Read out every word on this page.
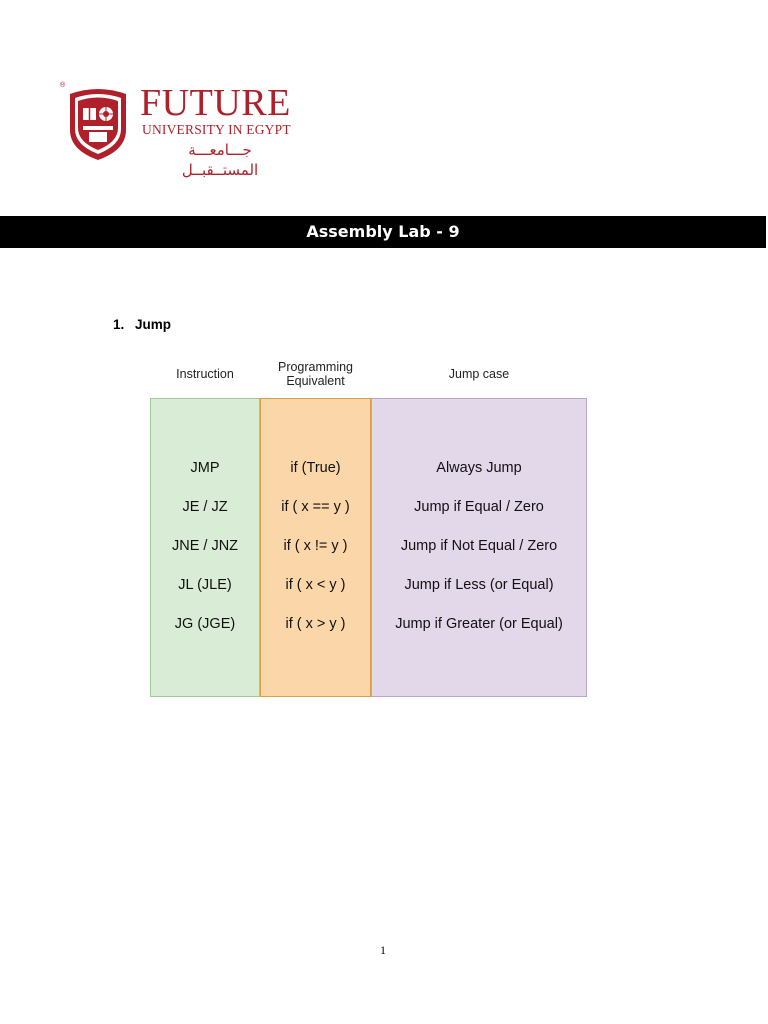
® FUTURE
UNIVERSITY IN EGYPT
جـــامعـــة المستــقبــل
Assembly Lab - 9
1. Jump
Instruction	Programming Equivalent	Jump case
JMP	if (True)	Always Jump
JE / JZ	if ( x == y )	Jump if Equal / Zero
JNE / JNZ	if ( x != y )	Jump if Not Equal / Zero
JL (JLE)	if ( x < y )	Jump if Less (or Equal)
JG (JGE)	if ( x > y )	Jump if Greater (or Equal)
1
